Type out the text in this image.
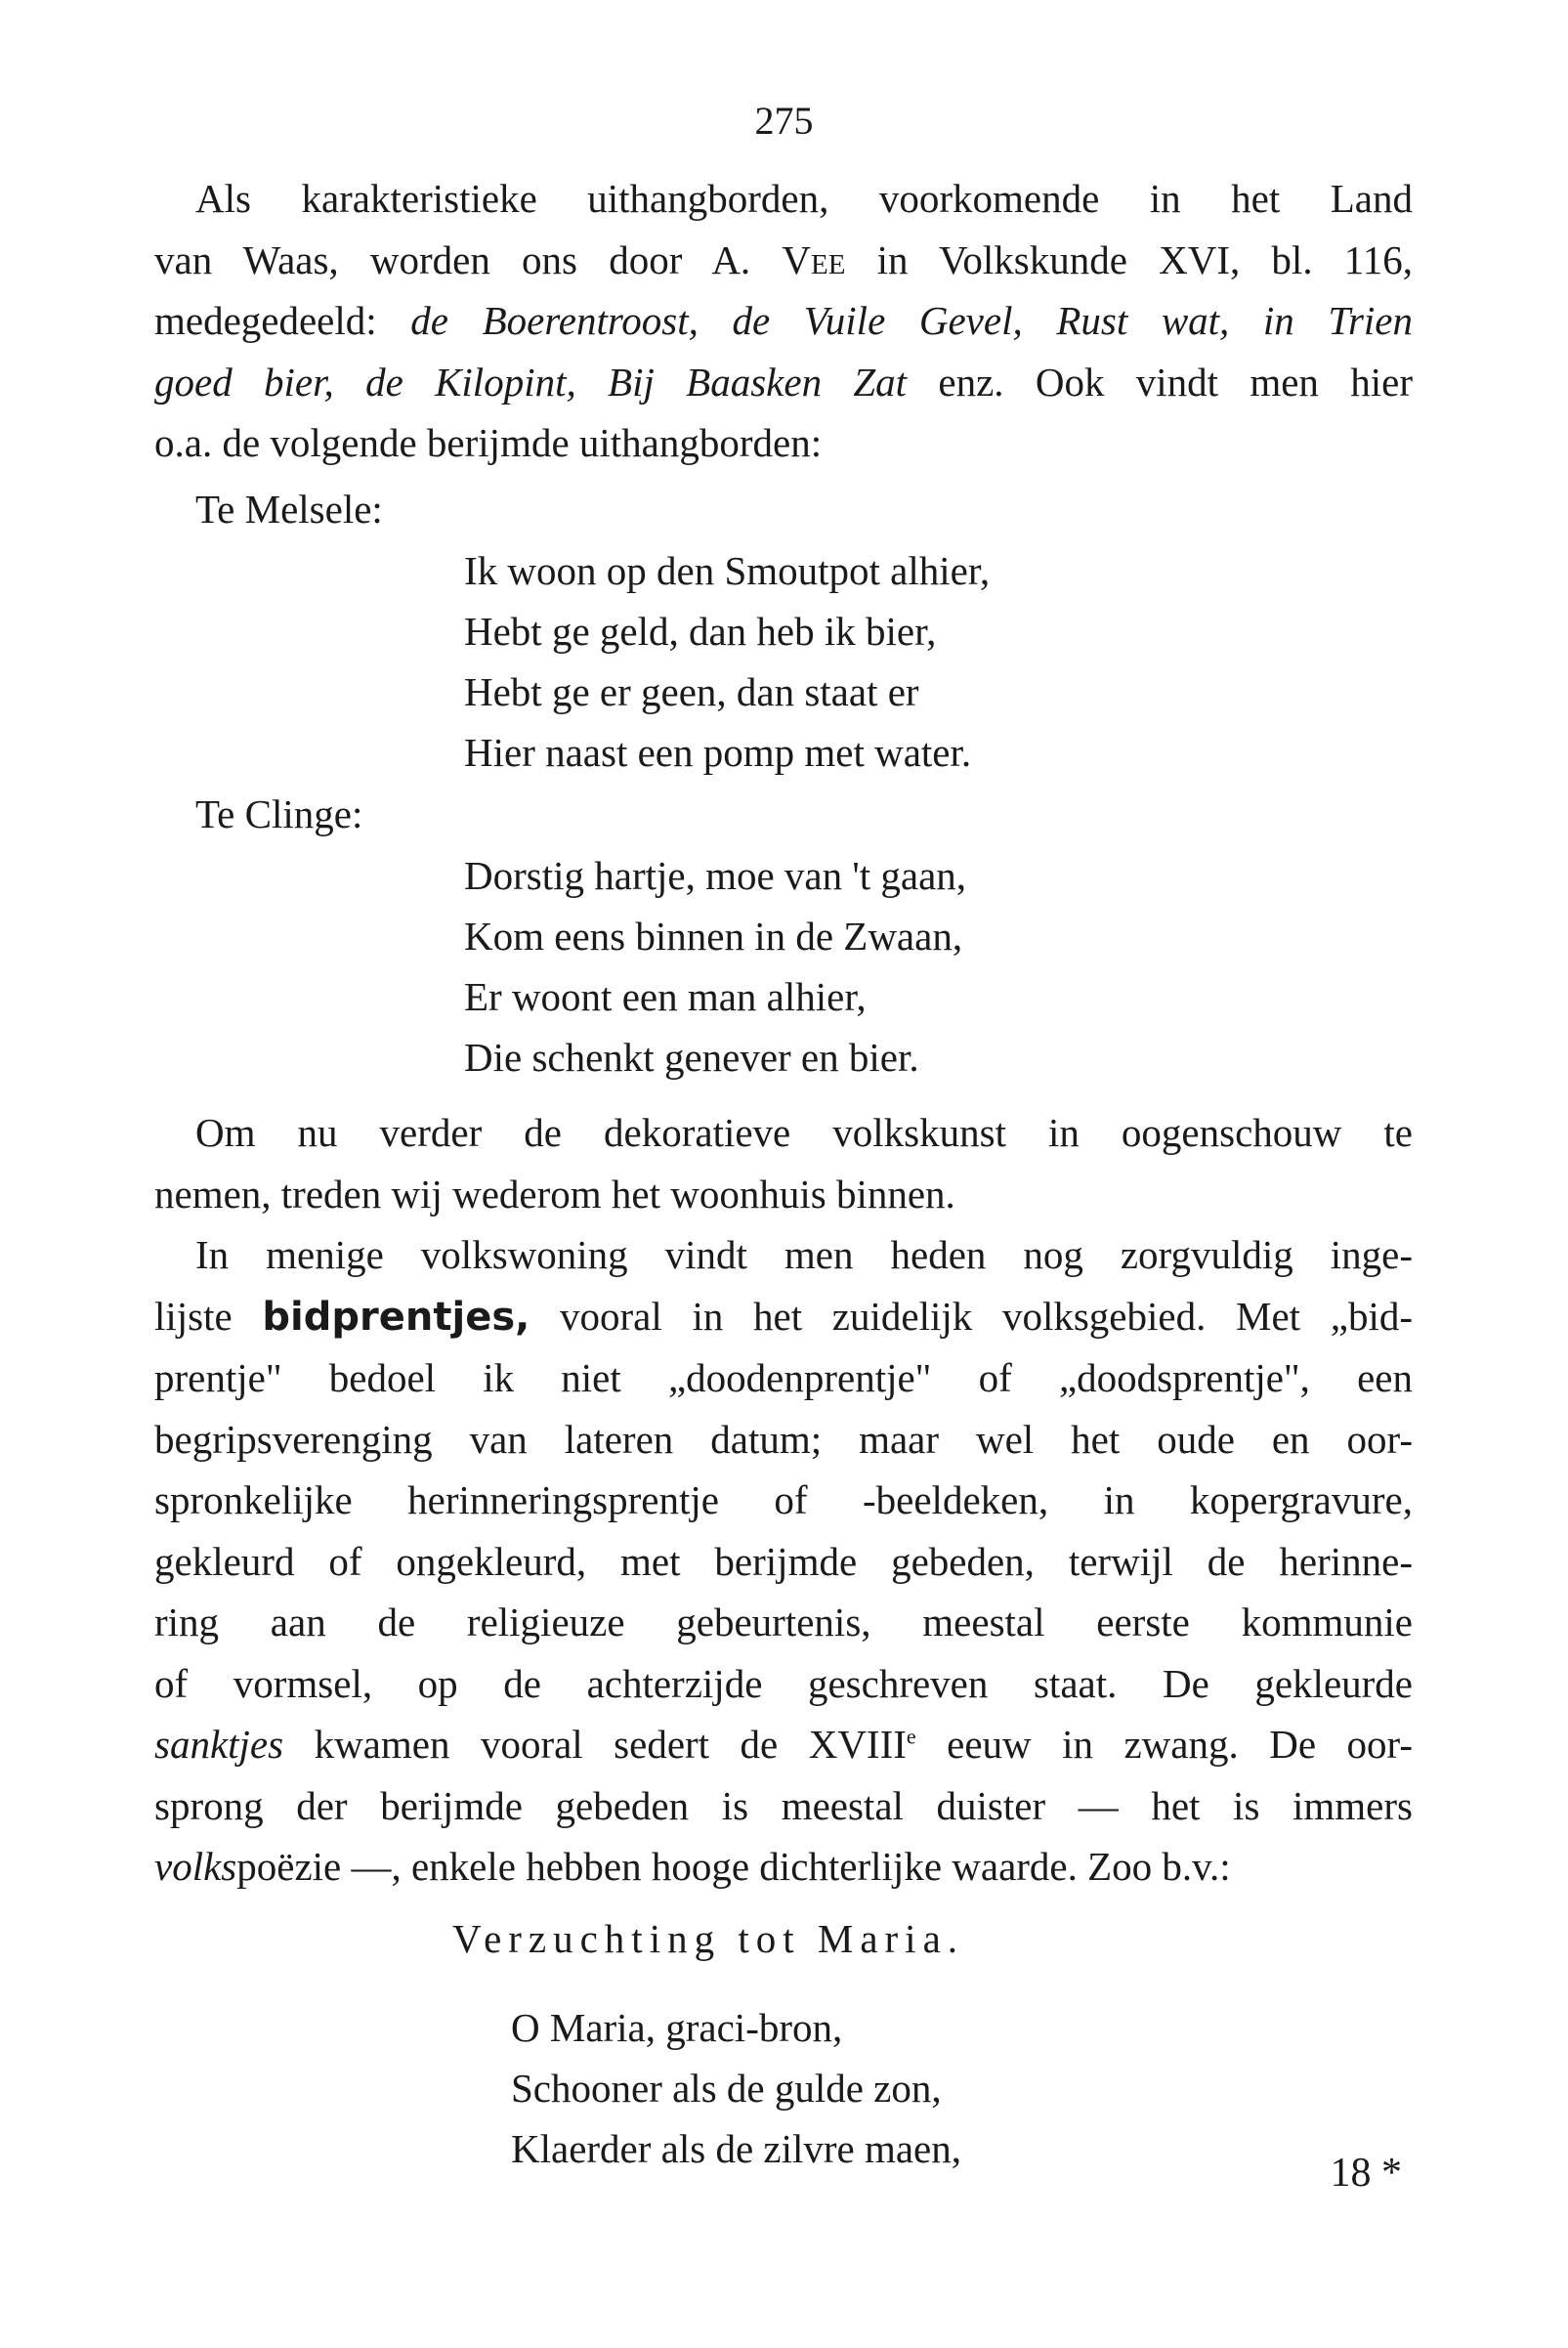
275

Als karakteristieke uithangborden, voorkomende in het Land
van Waas, worden ons door A. Vee in Volkskunde XVI, bl. 116,
medegedeeld: de Boerentroost, de Vuile Gevel, Rust wat, in Trien
goed bier, de Kilopint, Bij Baasken Zat enz. Ook vindt men hier
o.a. de volgende berijmde uithangborden:

Te Melsele:
Ik woon op den Smoutpot alhier,
Hebt ge geld, dan heb ik bier,
Hebt ge er geen, dan staat er
Hier naast een pomp met water.
Te Clinge:
Dorstig hartje, moe van 't gaan,
Kom eens binnen in de Zwaan,
Er woont een man alhier,
Die schenkt genever en bier.

Om nu verder de dekoratieve volkskunst in oogenschouw te
nemen, treden wij wederom het woonhuis binnen.

In menige volkswoning vindt men heden nog zorgvuldig inge-
lijste bidprentjes, vooral in het zuidelijk volksgebied. Met „bid-
prentje" bedoel ik niet „doodenprentje" of „doodsprentje", een
begripsverenging van lateren datum; maar wel het oude en oor-
spronkelijke herinneringsprentje of -beeldeken, in kopergravure,
gekleurd of ongekleurd, met berijmde gebeden, terwijl de herinne-
ring aan de religieuze gebeurtenis, meestal eerste kommunie
of vormsel, op de achterzijde geschreven staat. De gekleurde
sanktjes kwamen vooral sedert de XVIIIe eeuw in zwang. De oor-
sprong der berijmde gebeden is meestal duister — het is immers
volkspoëzie —, enkele hebben hooge dichterlijke waarde. Zoo b.v.:

Verzuchting tot Maria.
O Maria, graci-bron,
Schooner als de gulde zon,
Klaerder als de zilvre maen,
18 *
